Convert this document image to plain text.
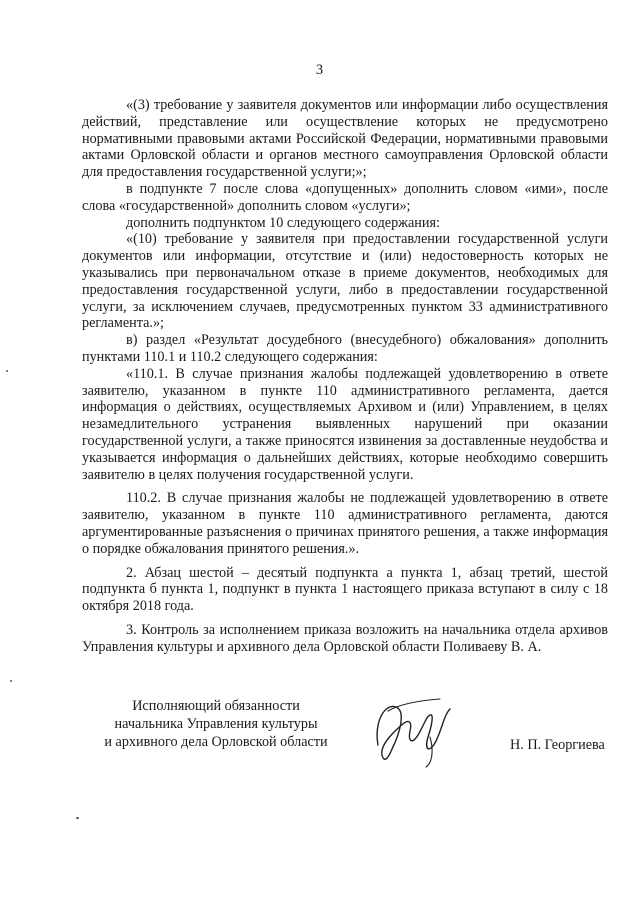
3

«(3) требование у заявителя документов или информации либо осуществления действий, представление или осуществление которых не предусмотрено нормативными правовыми актами Российской Федерации, нормативными правовыми актами Орловской области и органов местного самоуправления Орловской области для предоставления государственной услуги;»;

в подпункте 7 после слова «допущенных» дополнить словом «ими», после слова «государственной» дополнить словом «услуги»;

дополнить подпунктом 10 следующего содержания:

«(10) требование у заявителя при предоставлении государственной услуги документов или информации, отсутствие и (или) недостоверность которых не указывались при первоначальном отказе в приеме документов, необходимых для предоставления государственной услуги, либо в предоставлении государственной услуги, за исключением случаев, предусмотренных пунктом 33 административного регламента.»;

в) раздел «Результат досудебного (внесудебного) обжалования» дополнить пунктами 110.1 и 110.2 следующего содержания:

«110.1. В случае признания жалобы подлежащей удовлетворению в ответе заявителю, указанном в пункте 110 административного регламента, дается информация о действиях, осуществляемых Архивом и (или) Управлением, в целях незамедлительного устранения выявленных нарушений при оказании государственной услуги, а также приносятся извинения за доставленные неудобства и указывается информация о дальнейших действиях, которые необходимо совершить заявителю в целях получения государственной услуги.

110.2. В случае признания жалобы не подлежащей удовлетворению в ответе заявителю, указанном в пункте 110 административного регламента, даются аргументированные разъяснения о причинах принятого решения, а также информация о порядке обжалования принятого решения.».

2. Абзац шестой – десятый подпункта а пункта 1, абзац третий, шестой подпункта б пункта 1, подпункт в пункта 1 настоящего приказа вступают в силу с 18 октября 2018 года.

3. Контроль за исполнением приказа возложить на начальника отдела архивов Управления культуры и архивного дела Орловской области Поливаеву В. А.

Исполняющий обязанности
начальника Управления культуры
и архивного дела Орловской области	Н. П. Георгиева
